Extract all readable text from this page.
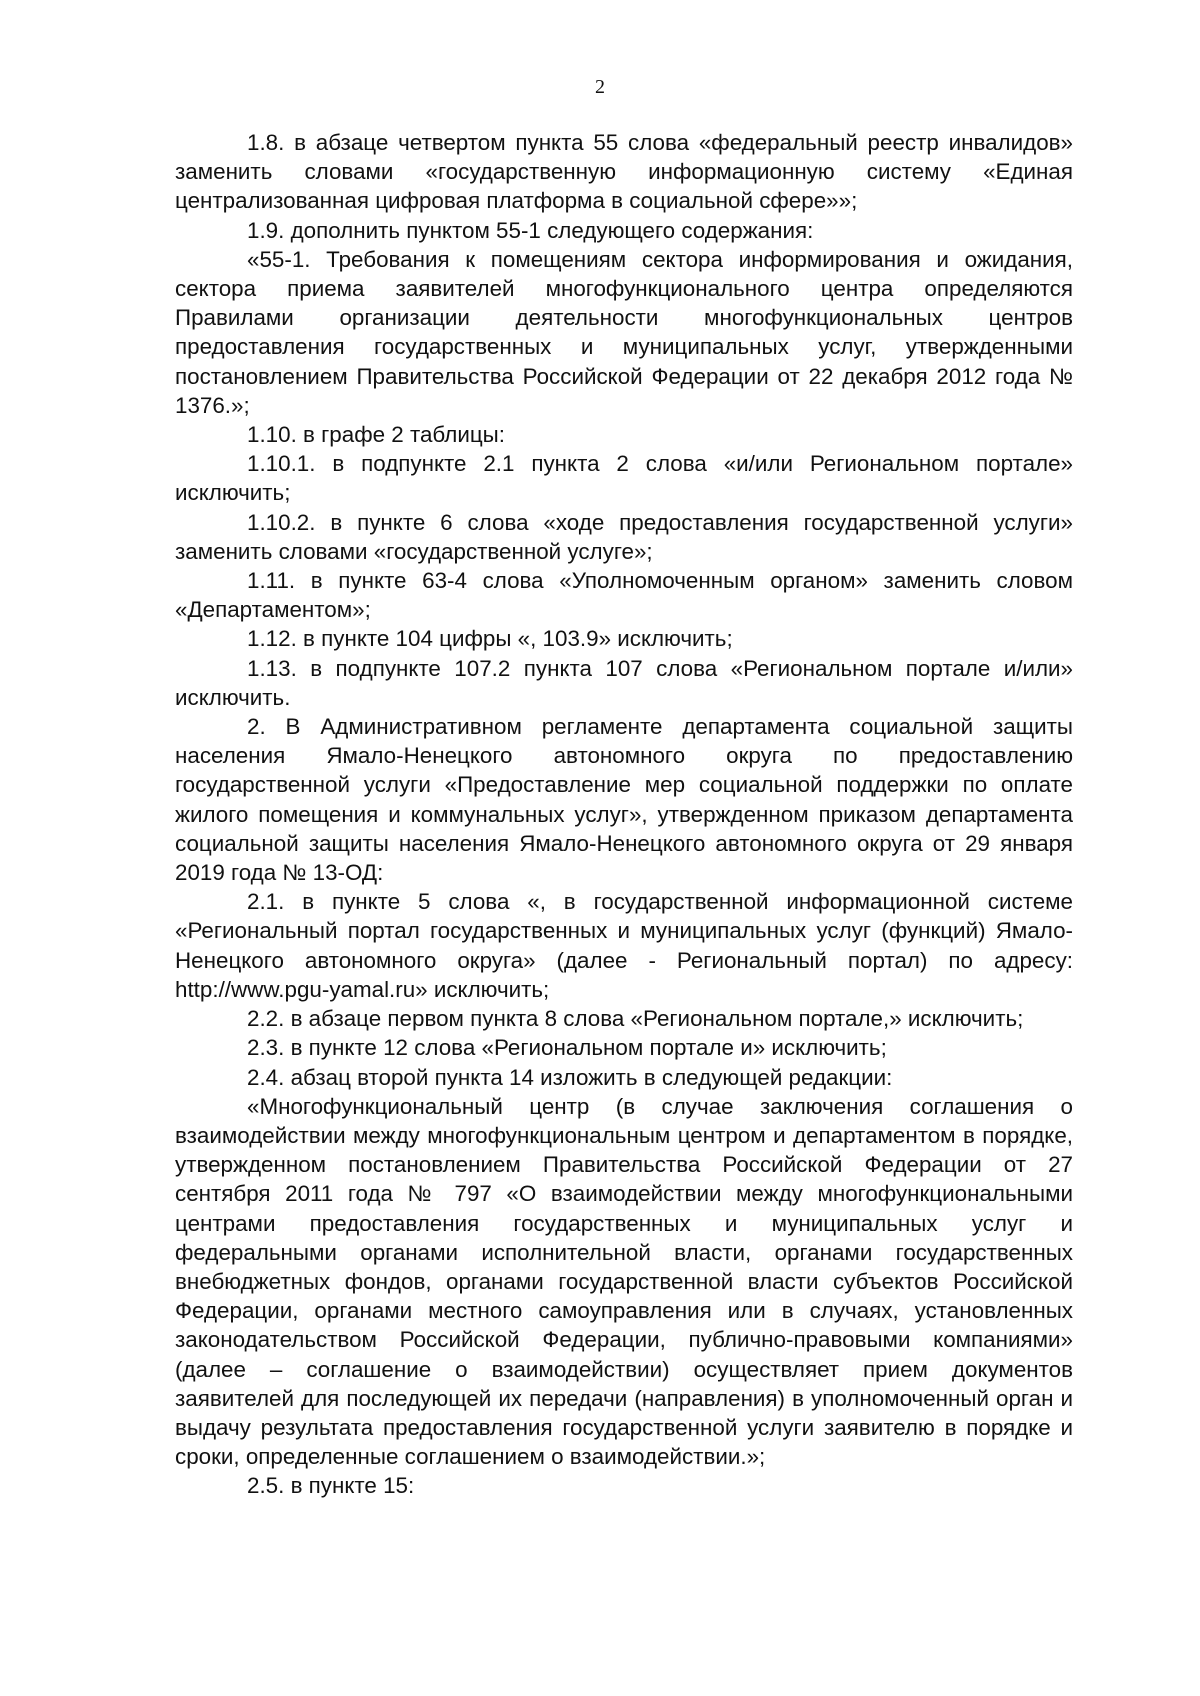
2

1.8. в абзаце четвертом пункта 55 слова «федеральный реестр инвалидов» заменить словами «государственную информационную систему «Единая централизованная цифровая платформа в социальной сфере»»;

1.9. дополнить пунктом 55-1 следующего содержания:

«55-1. Требования к помещениям сектора информирования и ожидания, сектора приема заявителей многофункционального центра определяются Правилами организации деятельности многофункциональных центров предоставления государственных и муниципальных услуг, утвержденными постановлением Правительства Российской Федерации от 22 декабря 2012 года № 1376.»;

1.10. в графе 2 таблицы:

1.10.1. в подпункте 2.1 пункта 2 слова «и/или Региональном портале» исключить;

1.10.2. в пункте 6 слова «ходе предоставления государственной услуги» заменить словами «государственной услуге»;

1.11. в пункте 63-4 слова «Уполномоченным органом» заменить словом «Департаментом»;

1.12. в пункте 104 цифры «, 103.9» исключить;

1.13. в подпункте 107.2 пункта 107 слова «Региональном портале и/или» исключить.

2. В Административном регламенте департамента социальной защиты населения Ямало-Ненецкого автономного округа по предоставлению государственной услуги «Предоставление мер социальной поддержки по оплате жилого помещения и коммунальных услуг», утвержденном приказом департамента социальной защиты населения Ямало-Ненецкого автономного округа от 29 января 2019 года № 13-ОД:

2.1. в пункте 5 слова «, в государственной информационной системе «Региональный портал государственных и муниципальных услуг (функций) Ямало-Ненецкого автономного округа» (далее - Региональный портал) по адресу: http://www.pgu-yamal.ru» исключить;

2.2. в абзаце первом пункта 8 слова «Региональном портале,» исключить;

2.3. в пункте 12 слова «Региональном портале и» исключить;

2.4. абзац второй пункта 14 изложить в следующей редакции:

«Многофункциональный центр (в случае заключения соглашения о взаимодействии между многофункциональным центром и департаментом в порядке, утвержденном постановлением Правительства Российской Федерации от 27 сентября 2011 года № 797 «О взаимодействии между многофункциональными центрами предоставления государственных и муниципальных услуг и федеральными органами исполнительной власти, органами государственных внебюджетных фондов, органами государственной власти субъектов Российской Федерации, органами местного самоуправления или в случаях, установленных законодательством Российской Федерации, публично-правовыми компаниями» (далее – соглашение о взаимодействии) осуществляет прием документов заявителей для последующей их передачи (направления) в уполномоченный орган и выдачу результата предоставления государственной услуги заявителю в порядке и сроки, определенные соглашением о взаимодействии.»;

2.5. в пункте 15:
